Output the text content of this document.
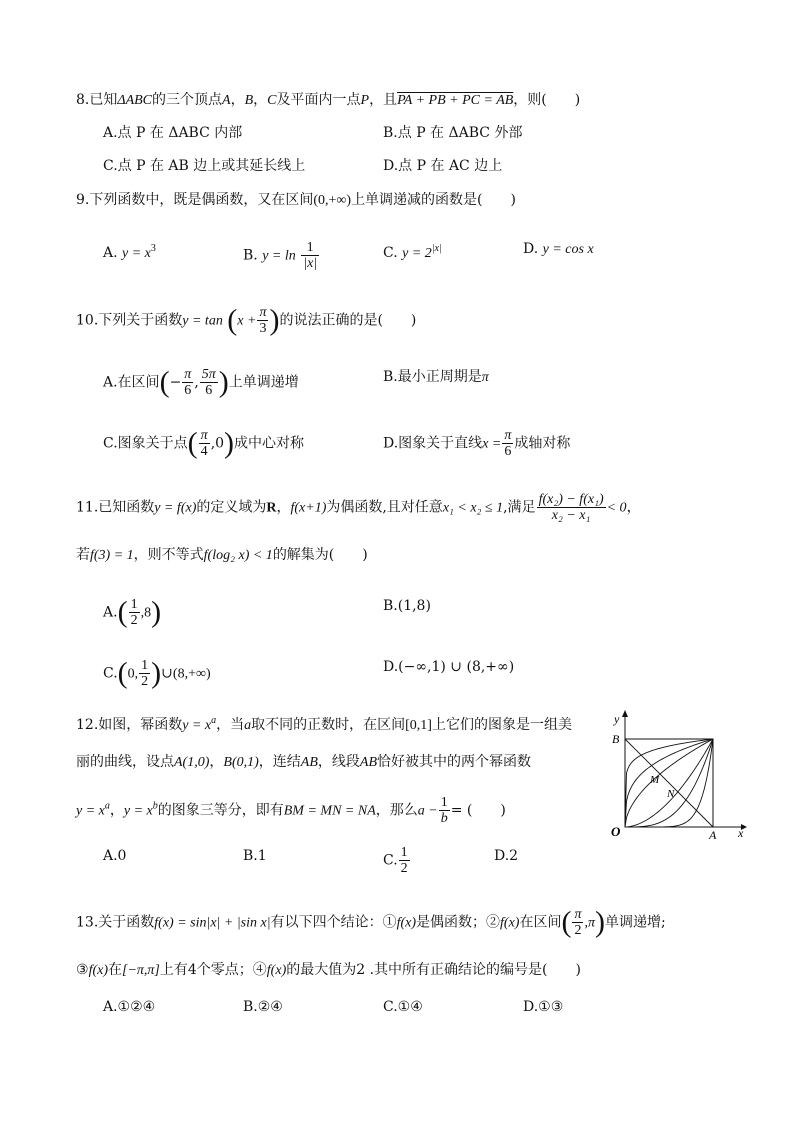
8.已知ΔABC的三个顶点A，B，C及平面内一点P，且PA + PB + PC = AB，则(　　)
A.点 P 在 ΔABC 内部	B.点 P 在 ΔABC 外部
C.点 P 在 AB 边上或其延长线上	D.点 P 在 AC 边上
9.下列函数中，既是偶函数，又在区间(0,+∞)上单调递减的函数是(　　)
A. $y = x^3$	B. $y = \ln \frac{1}{|x|}$	C. $y = 2^{|x|}$	D. y = cos x
10.下列关于函数$y = \tan (x + \frac{\pi}{3}$ )的说法正确的是(　　)
A.在区间(− $\frac{\pi}{6}$ , $\frac{5\pi}{6}$ )上单调递增	B.最小正周期是π
C.图象关于点( $\frac{\pi}{4} ,0$)成中心对称	D.图象关于直线$x = \frac{\pi}{6}$ 成轴对称
11.已知函数y = f(x)的定义域为R，f(x+1)为偶函数,且对任意x₁ < x₂ ≤ 1,满足 $\frac{\text{f(x₂) − f(x₁)}}{\text{x₂ − x₁}} < 0$，
若f(3) = 1，则不等式f(log₂ x) < 1的解集为(　　)
$A.( \frac{1}{2} ,8)$	B.(1,8)
C.(0, $\frac{1}{2}$ )∪(8,+∞)	D.(−∞,1) ∪ (8,+∞)
12.如图，幂函数$y = x^a$，当a取不同的正数时，在区间[0,1]上它们的图象是一组美
丽的曲线，设点A(1,0)，B(0,1)，连结AB，线段AB恰好被其中的两个幂函数
$y = x^a$，$y = x^b$的图象三等分，即有BM = MN = NA，那么$a - \frac{1}{b}$ = (　　)
A.0	B.1	C. $\frac{1}{2}$	D.2
y
x
O	A
B
M
N
13.关于函数f(x) = sin|x| + |sin x|有以下四个结论：①f(x)是偶函数；②f(x)在区间( $\frac{\pi}{2} ,\pi$)单调递增;
③f(x)在[−π,π]上有4个零点；④f(x)的最大值为2 .其中所有正确结论的编号是(　　)
A.①②④	B.②④	C.①④	D.①③
